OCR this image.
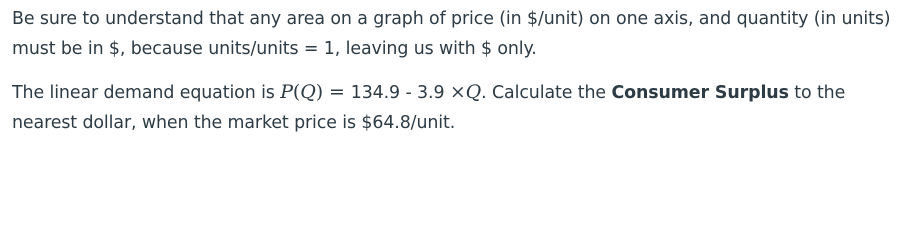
Be sure to understand that any area on a graph of price (in $/unit) on one axis, and quantity (in units) must be in $, because units/units = 1, leaving us with $ only.

The linear demand equation is P(Q) = 134.9 - 3.9 ×Q. Calculate the Consumer Surplus to the nearest dollar, when the market price is $64.8/unit.
